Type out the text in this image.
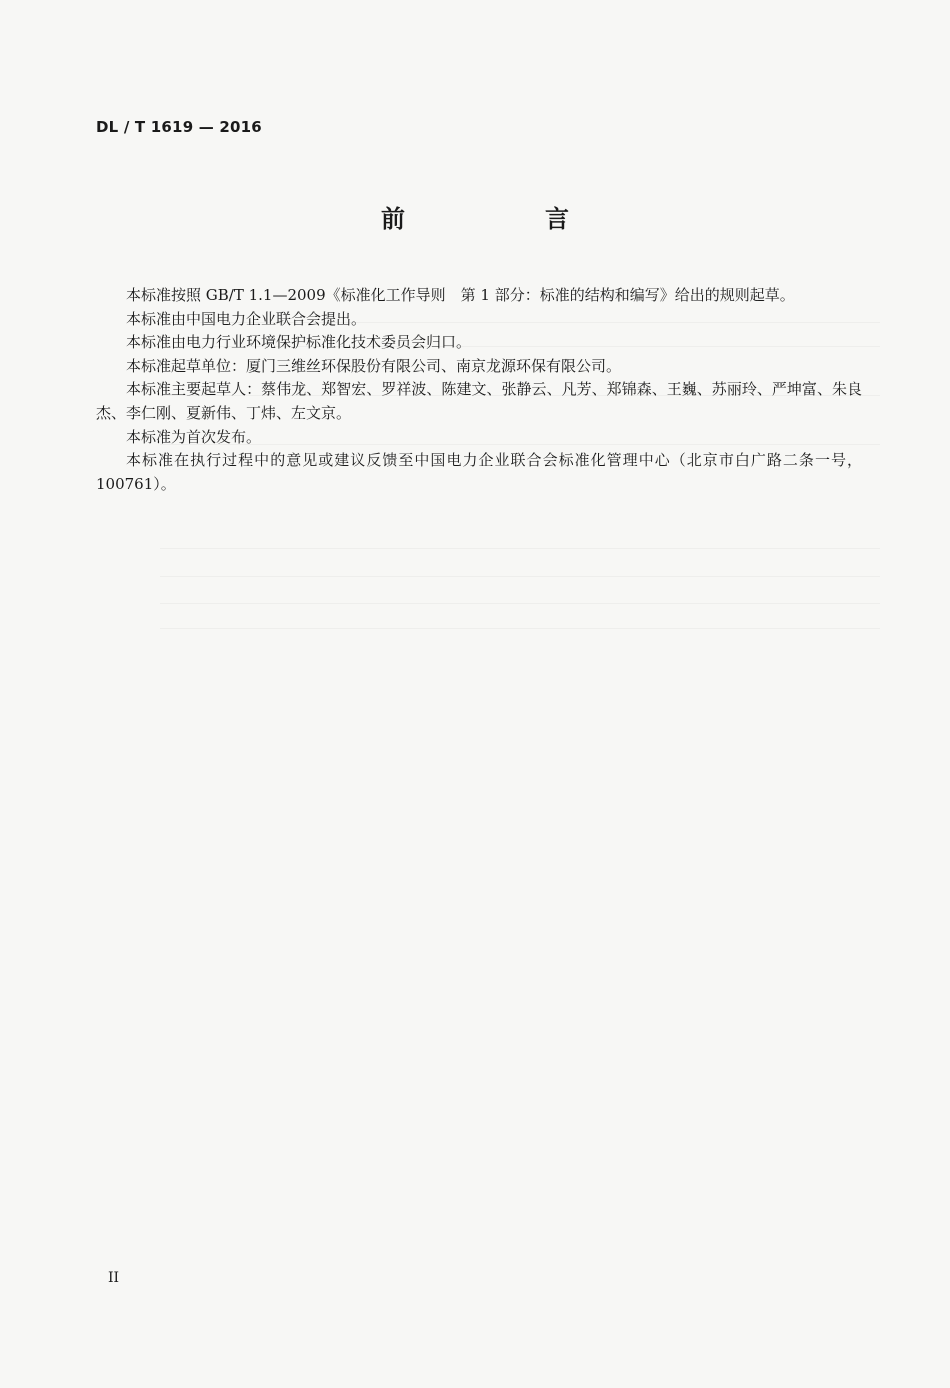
DL / T 1619 — 2016
前　言

本标准按照 GB/T 1.1—2009《标准化工作导则　第 1 部分：标准的结构和编写》给出的规则起草。

本标准由中国电力企业联合会提出。

本标准由电力行业环境保护标准化技术委员会归口。

本标准起草单位：厦门三维丝环保股份有限公司、南京龙源环保有限公司。

本标准主要起草人：蔡伟龙、郑智宏、罗祥波、陈建文、张静云、凡芳、郑锦森、王巍、苏丽玲、严坤富、朱良杰、李仁刚、夏新伟、丁炜、左文京。

本标准为首次发布。

本标准在执行过程中的意见或建议反馈至中国电力企业联合会标准化管理中心（北京市白广路二条一号，100761）。

II
